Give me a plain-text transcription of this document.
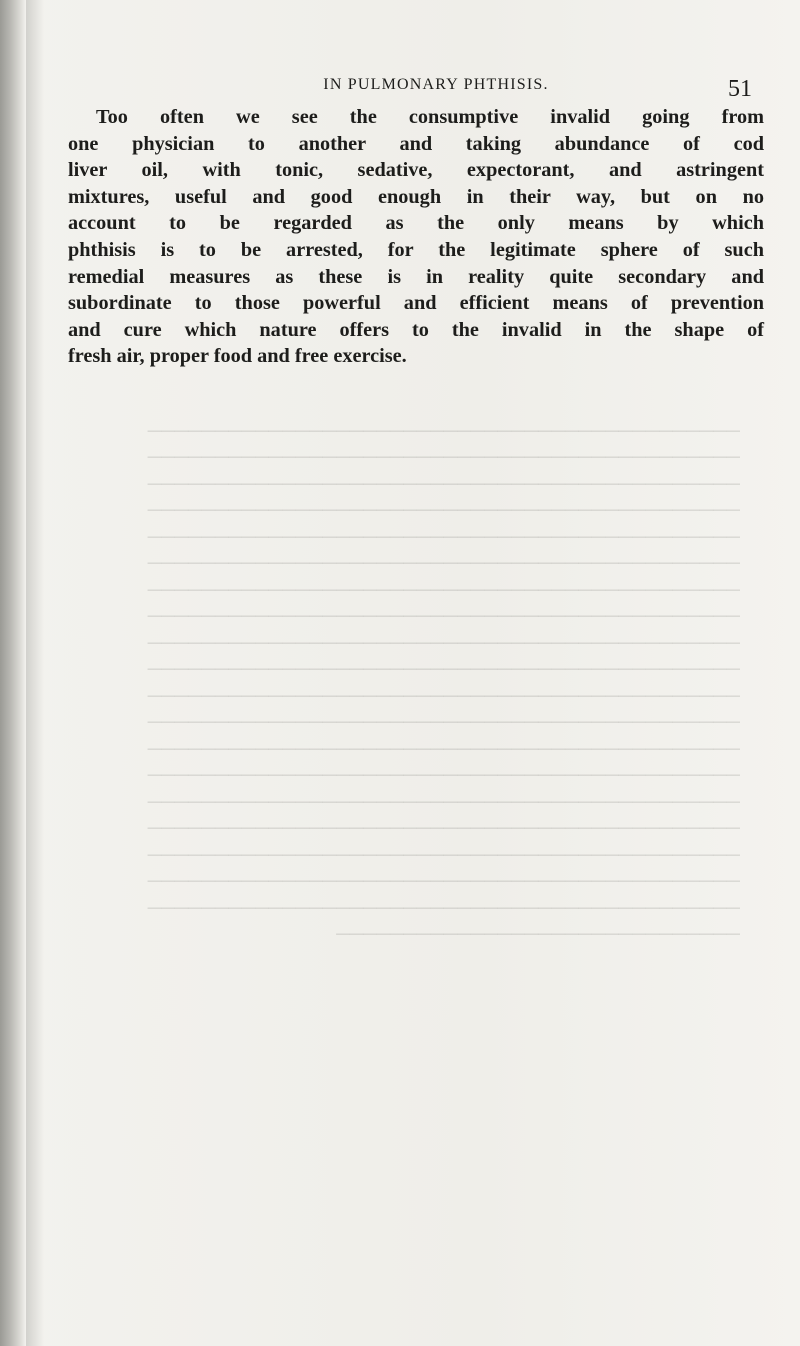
IN PULMONARY PHTHISIS.	51

────────────────────────────────────────────
────────────────────────────────────────────
────────────────────────────────────────────
────────────────────────────────────────────
────────────────────────────────────────────
────────────────────────────────────────────
────────────────────────────────────────────
────────────────────────────────────────────
────────────────────────────────────────────
────────────────────────────────────────────
────────────────────────────────────────────
────────────────────────────────────────────
────────────────────────────────────────────
────────────────────────────────────────────
────────────────────────────────────────────
────────────────────────────────────────────
────────────────────────────────────────────
────────────────────────────────────────────
────────────────────────────────────────────
──────────────────────────────

Too often we see the consumptive invalid going from
one physician to another and taking abundance of cod
liver oil, with tonic, sedative, expectorant, and astringent
mixtures, useful and good enough in their way, but on no
account to be regarded as the only means by which
phthisis is to be arrested, for the legitimate sphere of such
remedial measures as these is in reality quite secondary and
subordinate to those powerful and efficient means of prevention
and cure which nature offers to the invalid in the shape of
fresh air, proper food and free exercise.
